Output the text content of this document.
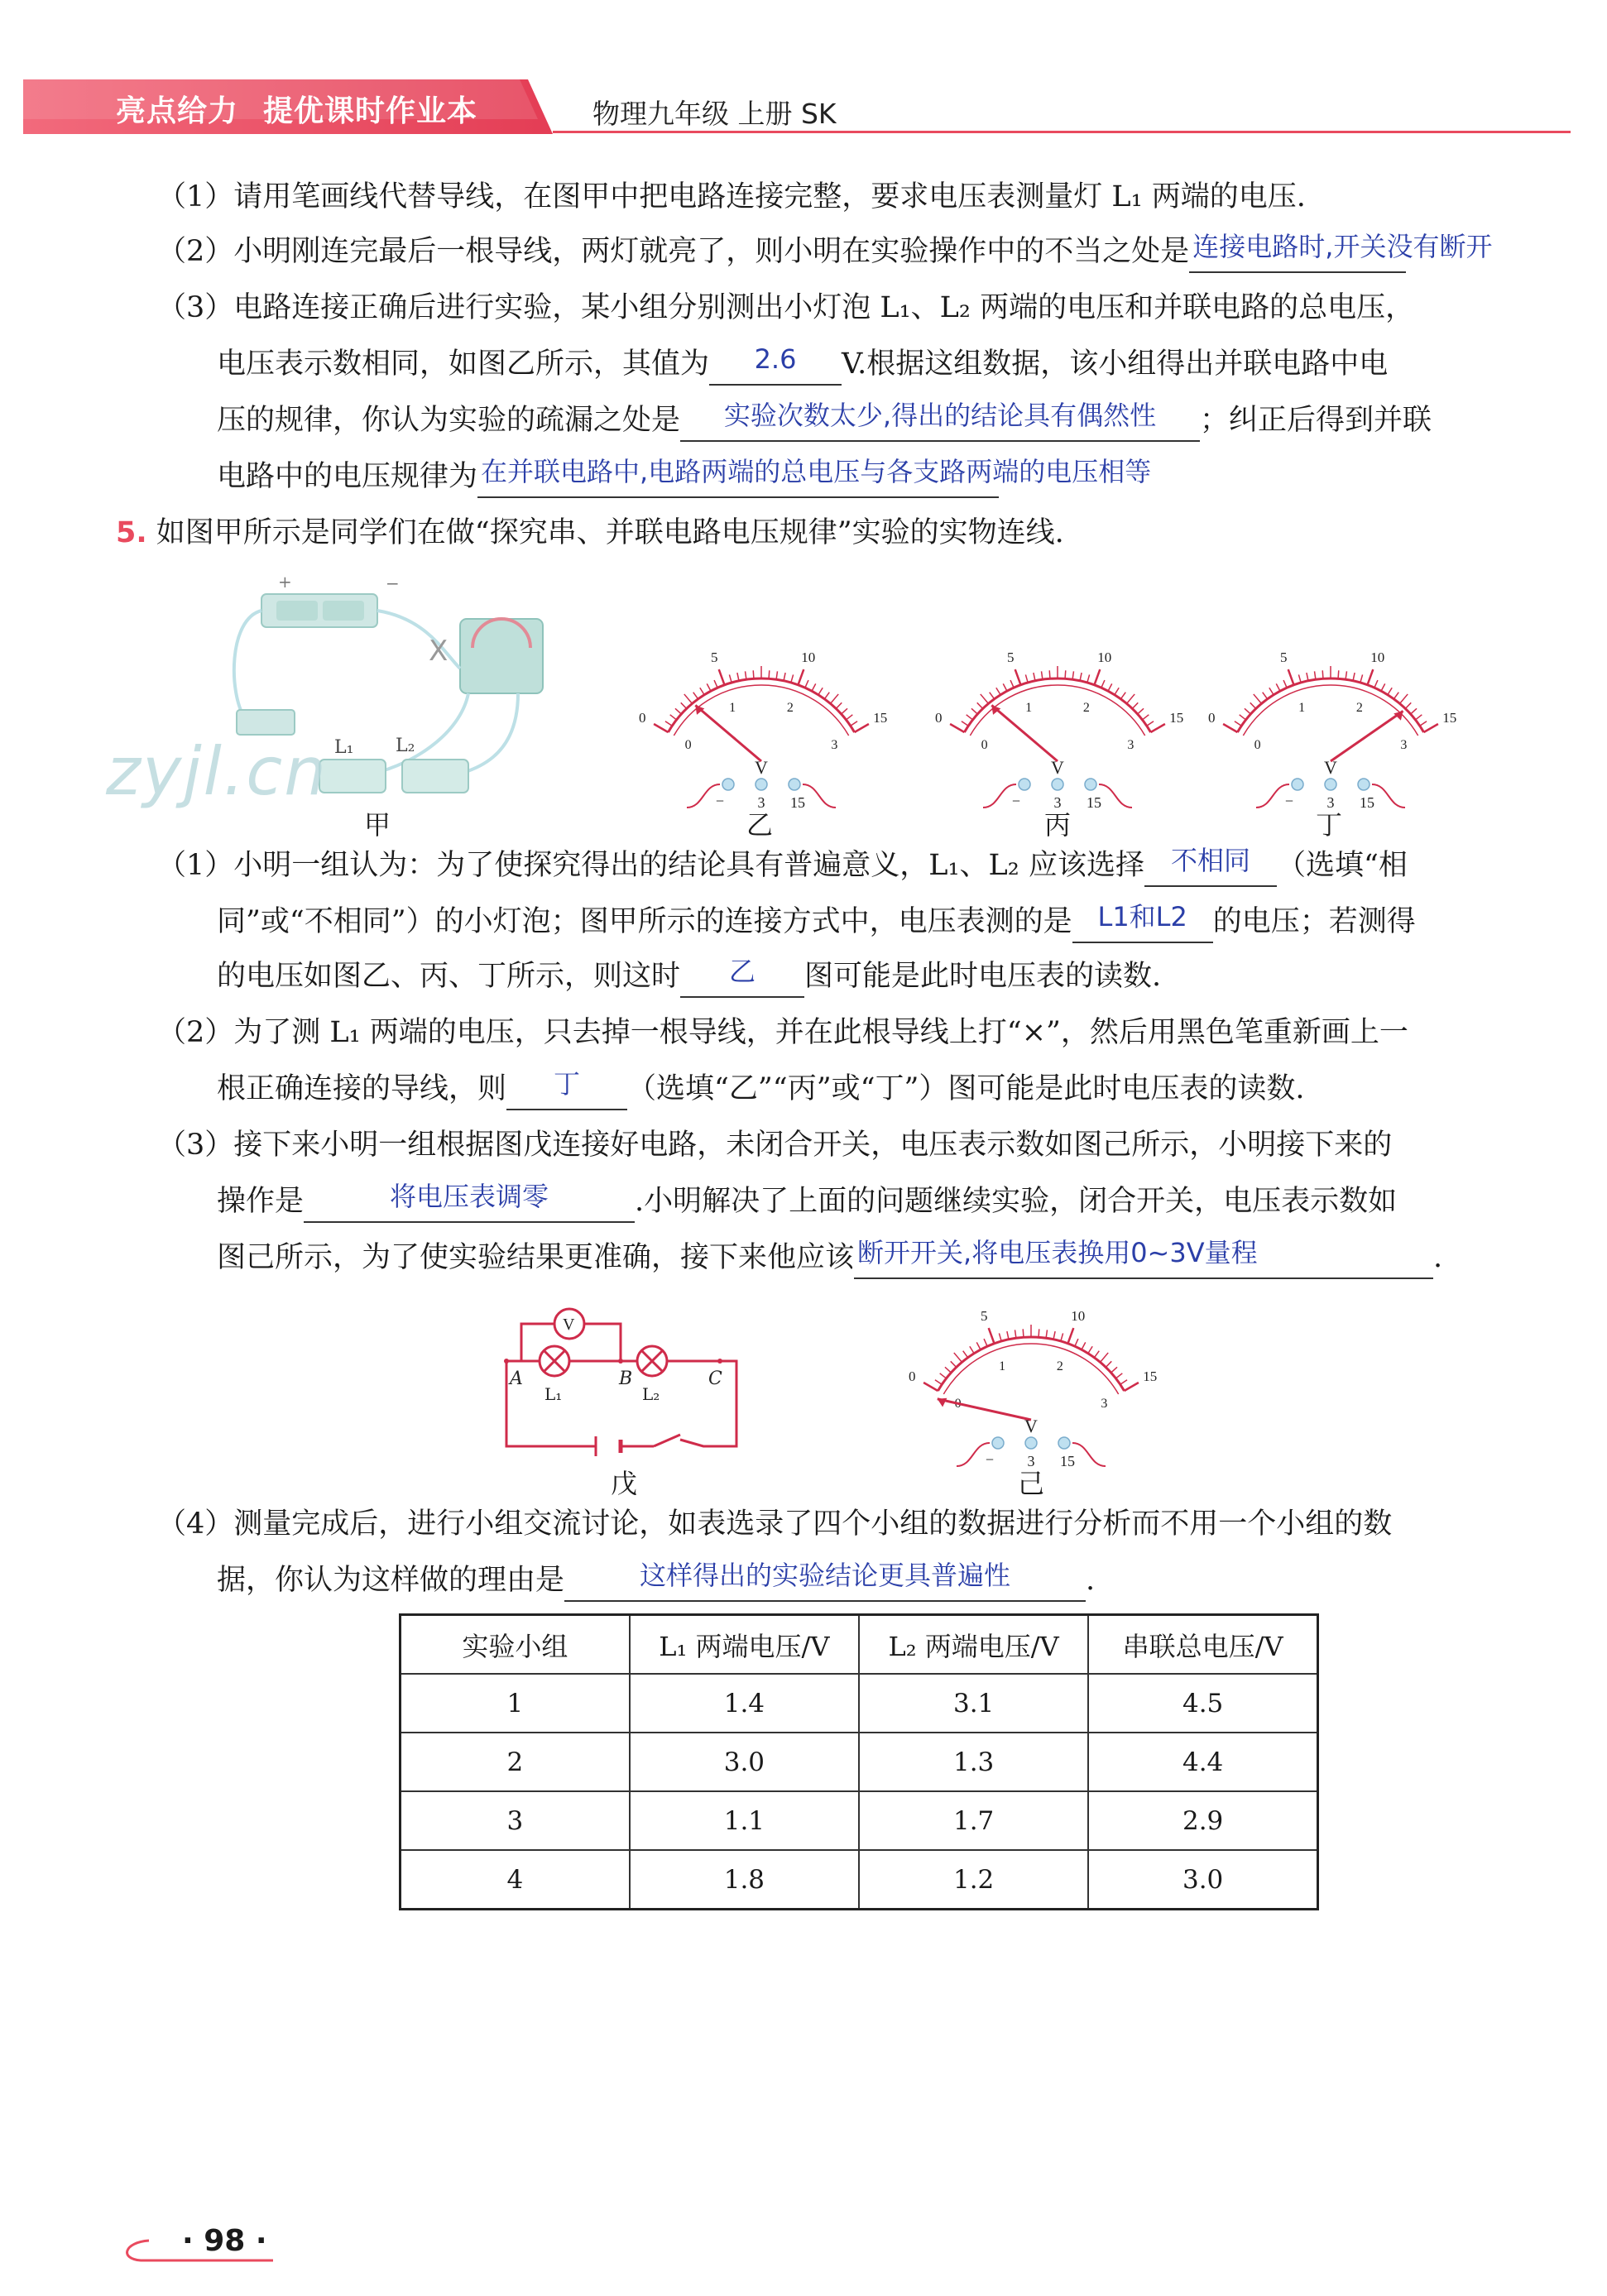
亮点给力 提优课时作业本	物理九年级 上册 SK
（1）请用笔画线代替导线，在图甲中把电路连接完整，要求电压表测量灯 L₁ 两端的电压.
（2）小明刚连完最后一根导线，两灯就亮了，则小明在实验操作中的不当之处是 连接电路时,开关没有断开

（3）电路连接正确后进行实验，某小组分别测出小灯泡 L₁、L₂ 两端的电压和并联电路的总电压，
电压表示数相同，如图乙所示，其值为	2.6	V.根据这组数据，该小组得出并联电路中电
压的规律，你认为实验的疏漏之处是	实验次数太少,得出的结论具有偶然性	；纠正后得到并联
电路中的电压规律为 在并联电路中,电路两端的总电压与各支路两端的电压相等

5. 如图甲所示是同学们在做“探究串、并联电路电压规律”实验的实物连线.
+	−
X
L₁ L₂
zyjl.cn
甲
0
5	10
15
0
1	2
3
V
− 3 15
乙
0
5	10
15
0
1	2
3
V
− 3 15
丙
0
5	10
15
0
1	2
3
V
− 3 15
丁
（1）小明一组认为：为了使探究得出的结论具有普遍意义，L₁、L₂ 应该选择 不相同 （选填“相
同”或“不相同”）的小灯泡；图甲所示的连接方式中，电压表测的是 L1和L2 的电压；若测得
的电压如图乙、丙、丁所示，则这时	乙	图可能是此时电压表的读数.
（2）为了测 L₁ 两端的电压，只去掉一根导线，并在此根导线上打“×”，然后用黑色笔重新画上一
根正确连接的导线，则	丁	（选填“乙”“丙”或“丁”）图可能是此时电压表的读数.
（3）接下来小明一组根据图戊连接好电路，未闭合开关，电压表示数如图己所示，小明接下来的
操作是	将电压表调零	.小明解决了上面的问题继续实验，闭合开关，电压表示数如
图己所示，为了使实验结果更准确，接下来他应该 断开开关,将电压表换用0~3V量程	.
V
A	B	C
L₁	L₂
戊
0
5	10
15
1	2
3
V
− 3 15
己
（4）测量完成后，进行小组交流讨论，如表选录了四个小组的数据进行分析而不用一个小组的数
据，你认为这样做的理由是	这样得出的实验结论更具普遍性	.
实验小组	L₁ 两端电压/V	L₂ 两端电压/V	串联总电压/V
1	1.4	3.1	4.5
2	3.0	1.3	4.4
3	1.1	1.7	2.9
4	1.8	1.2	3.0
· 98 ·
